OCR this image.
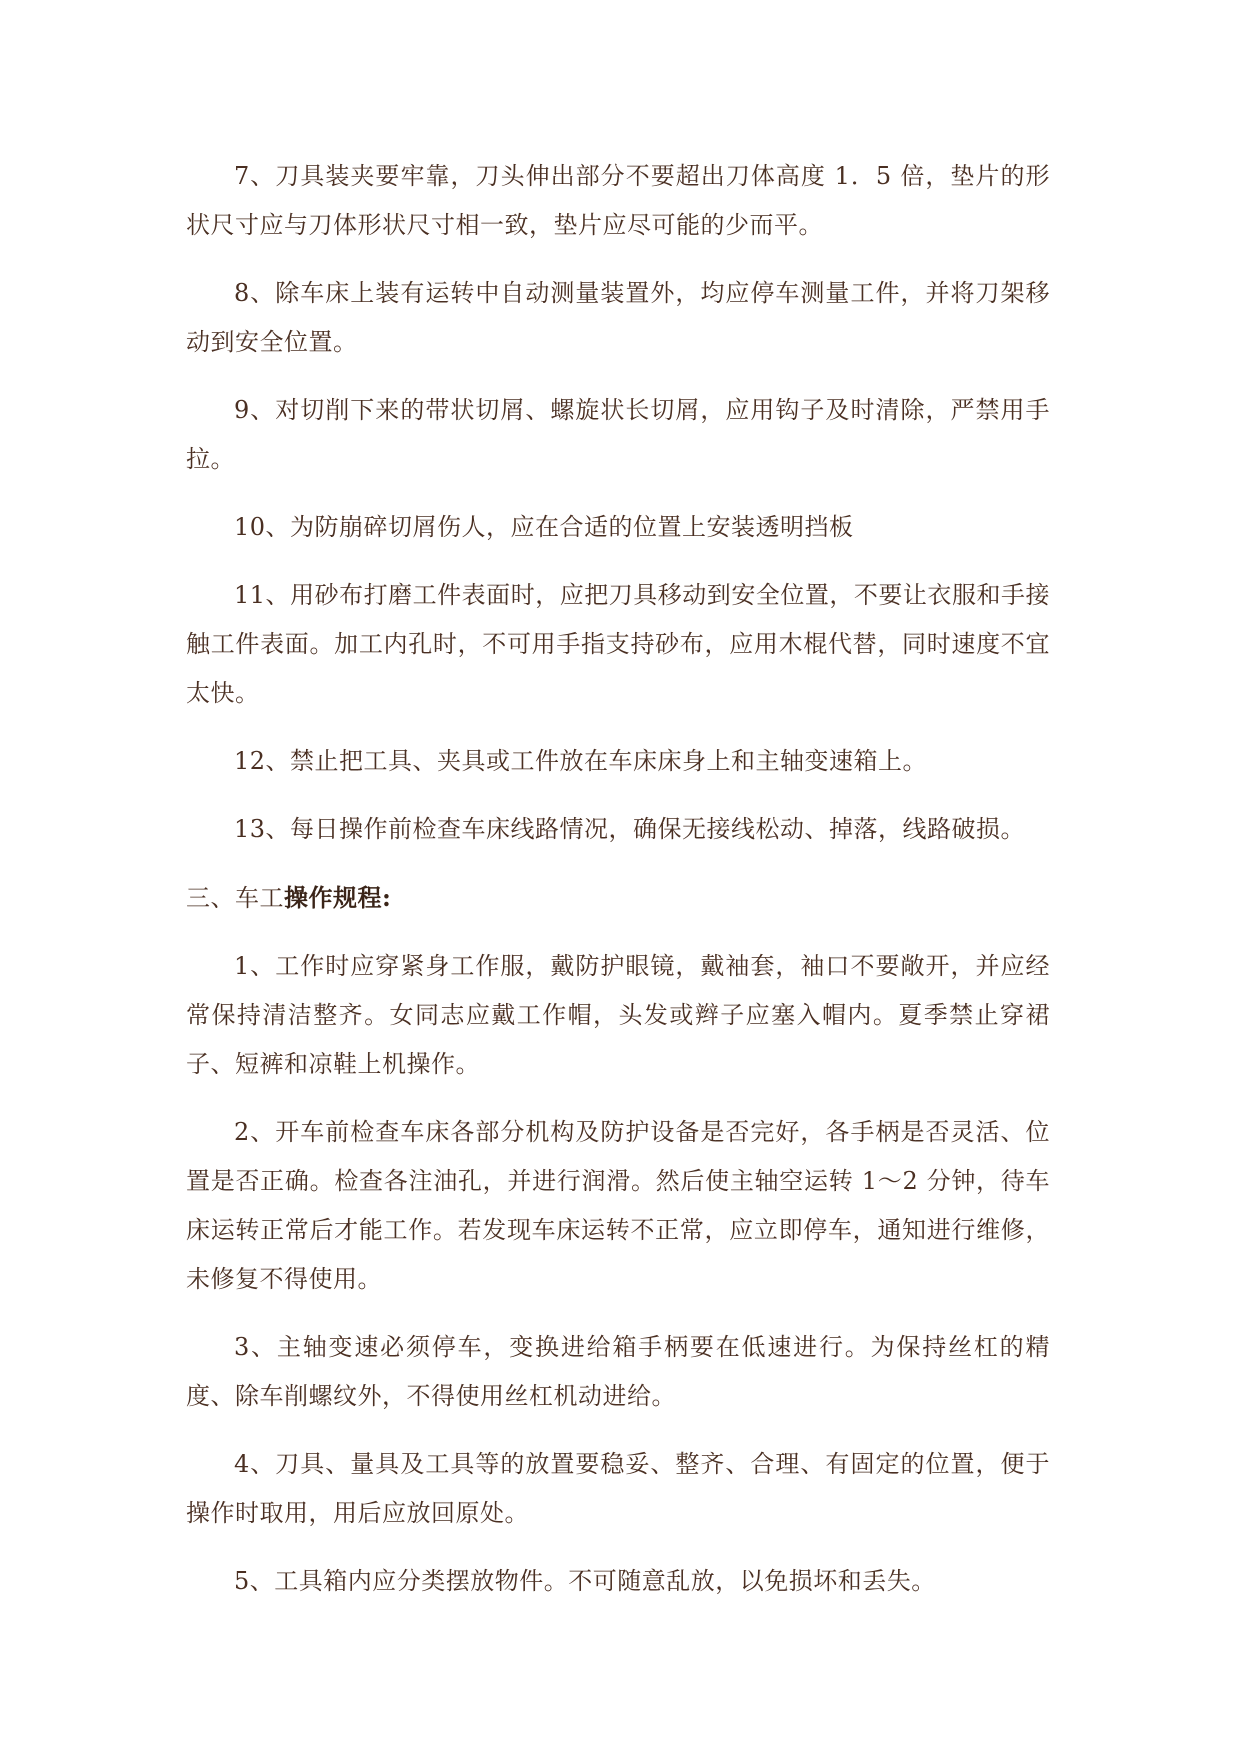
7、刀具装夹要牢靠，刀头伸出部分不要超出刀体高度 1．5 倍，垫片的形状尺寸应与刀体形状尺寸相一致，垫片应尽可能的少而平。

8、除车床上装有运转中自动测量装置外，均应停车测量工件，并将刀架移动到安全位置。

9、对切削下来的带状切屑、螺旋状长切屑，应用钩子及时清除，严禁用手拉。

10、为防崩碎切屑伤人，应在合适的位置上安装透明挡板

11、用砂布打磨工件表面时，应把刀具移动到安全位置，不要让衣服和手接触工件表面。加工内孔时，不可用手指支持砂布，应用木棍代替，同时速度不宜太快。

12、禁止把工具、夹具或工件放在车床床身上和主轴变速箱上。

13、每日操作前检查车床线路情况，确保无接线松动、掉落，线路破损。

三、车工操作规程:

1、工作时应穿紧身工作服，戴防护眼镜，戴袖套，袖口不要敞开，并应经常保持清洁整齐。女同志应戴工作帽，头发或辫子应塞入帽内。夏季禁止穿裙子、短裤和凉鞋上机操作。

2、开车前检查车床各部分机构及防护设备是否完好，各手柄是否灵活、位置是否正确。检查各注油孔，并进行润滑。然后使主轴空运转 1～2 分钟，待车床运转正常后才能工作。若发现车床运转不正常，应立即停车，通知进行维修，未修复不得使用。

3、主轴变速必须停车，变换进给箱手柄要在低速进行。为保持丝杠的精度、除车削螺纹外，不得使用丝杠机动进给。

4、刀具、量具及工具等的放置要稳妥、整齐、合理、有固定的位置，便于操作时取用，用后应放回原处。

5、工具箱内应分类摆放物件。不可随意乱放，以免损坏和丢失。
